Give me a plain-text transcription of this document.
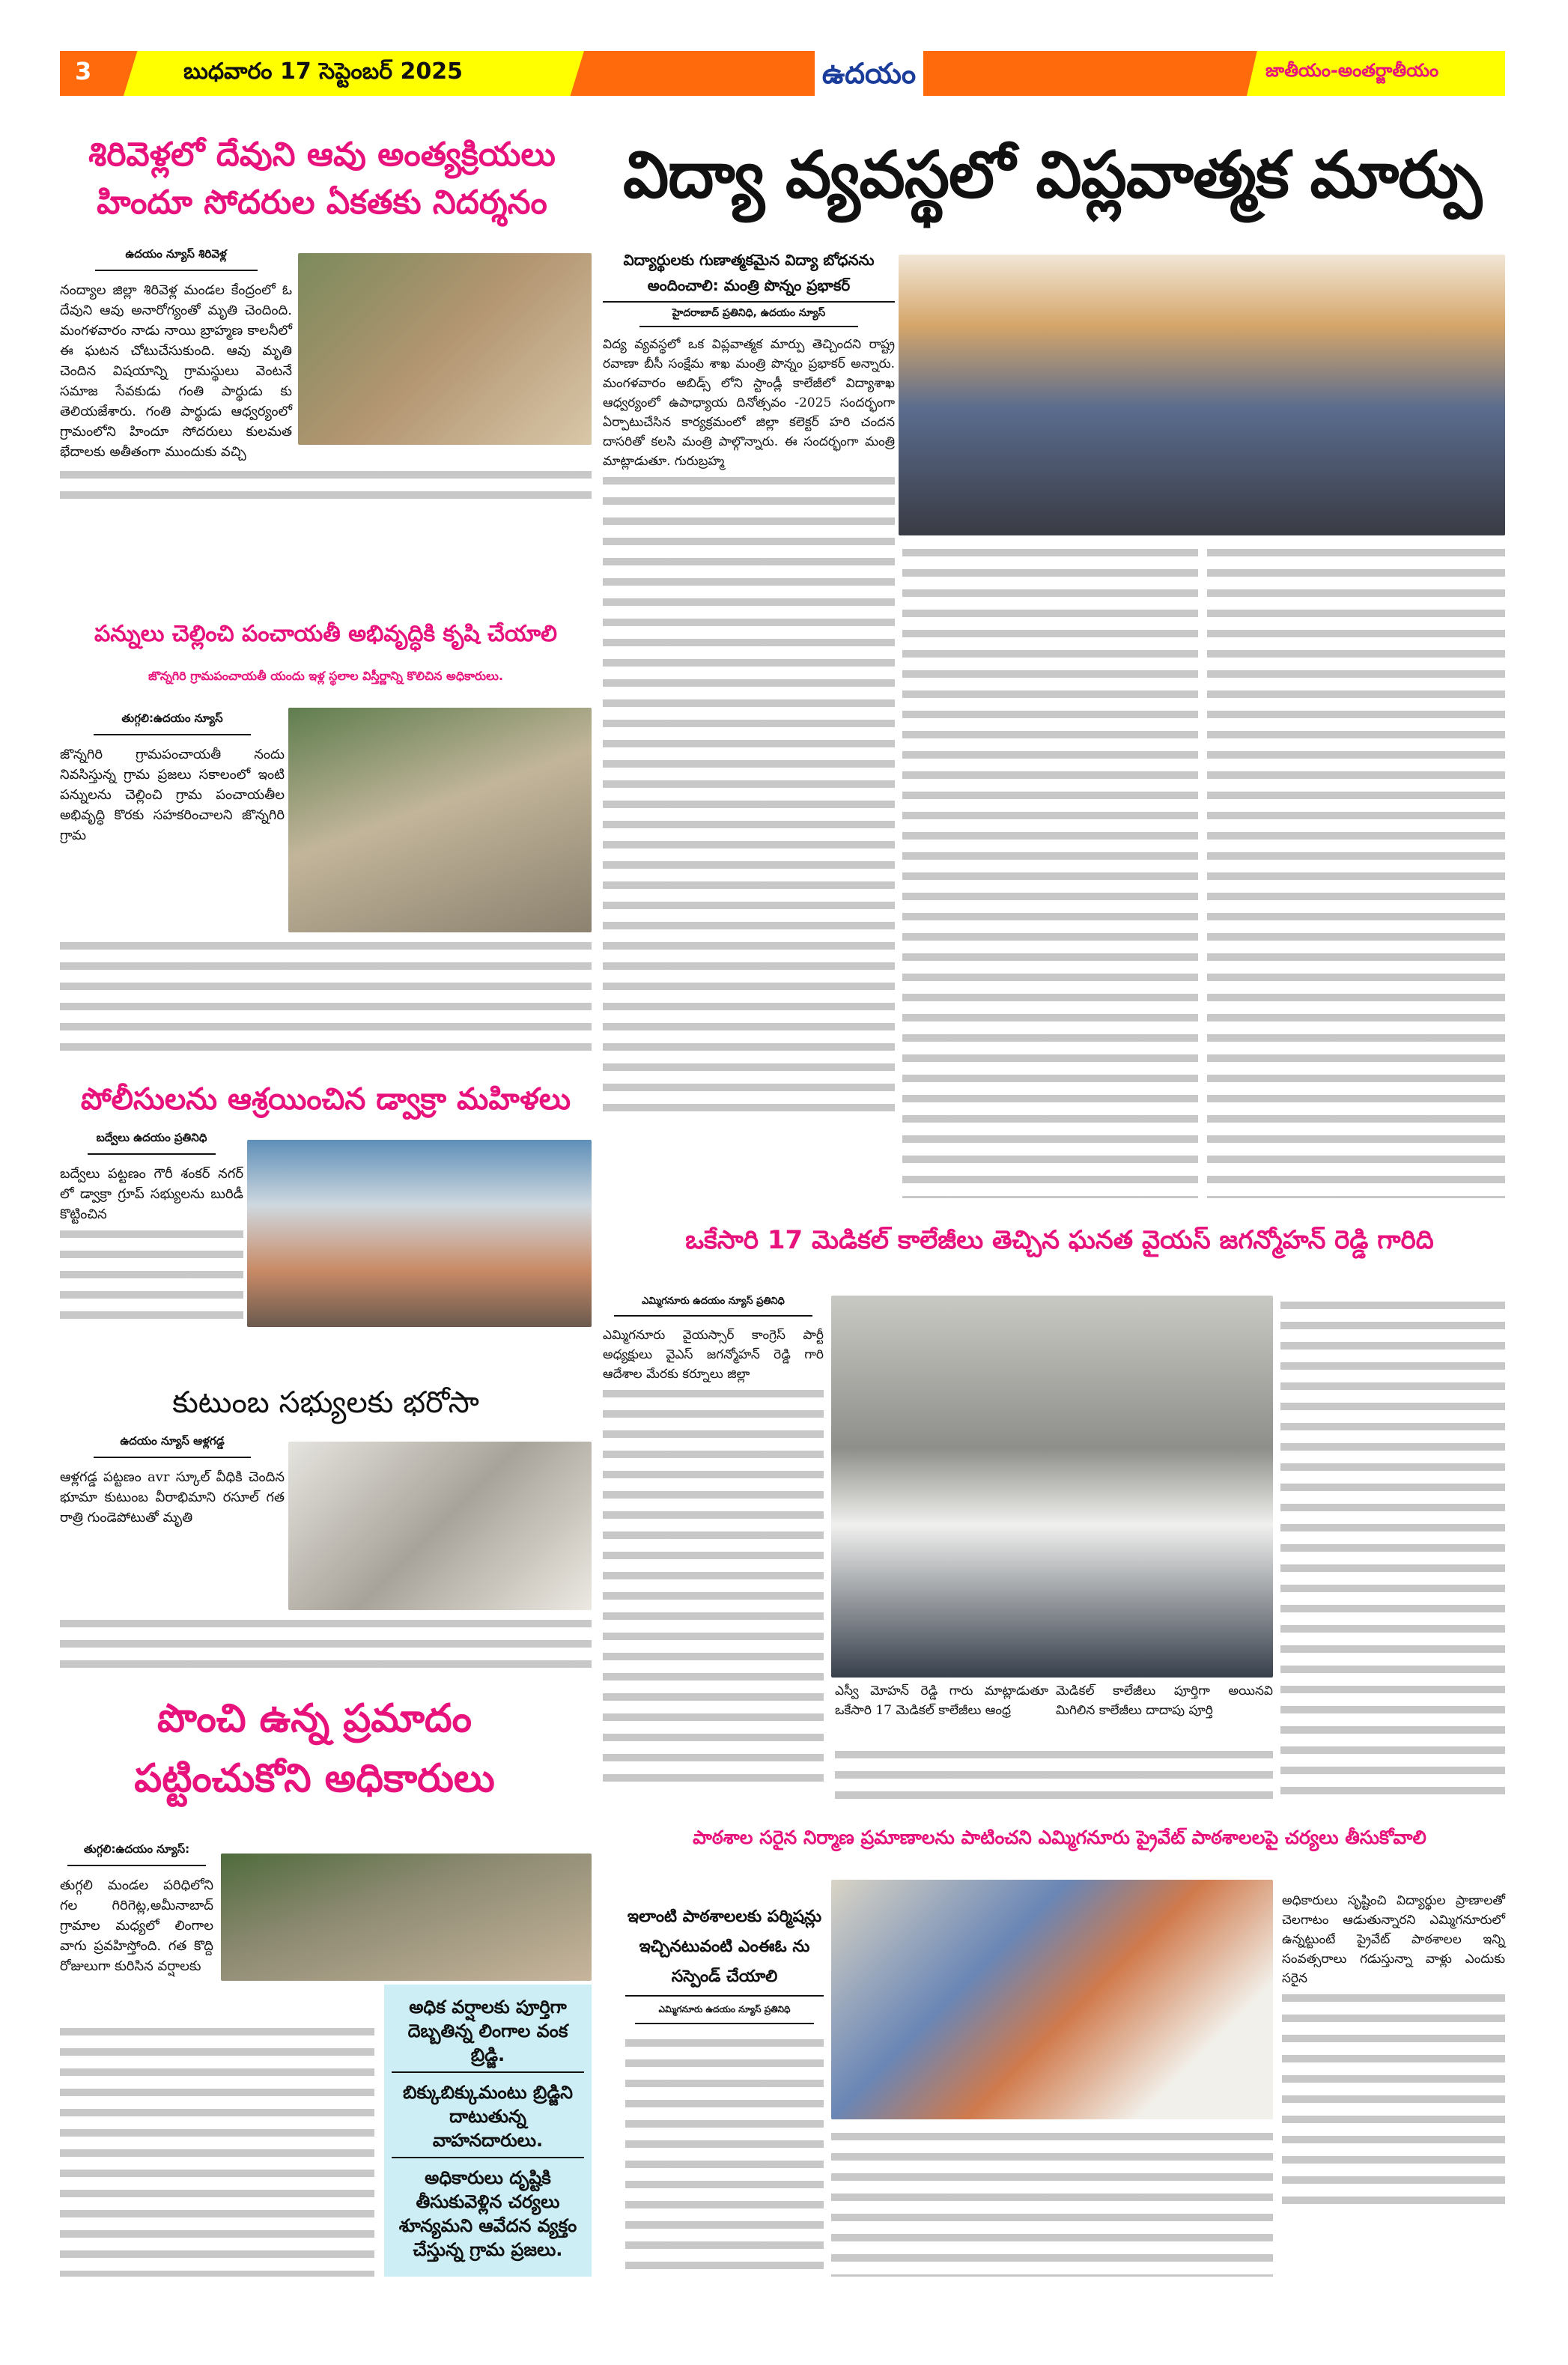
3	బుధవారం 17 సెప్టెంబర్ 2025	ఉదయం	జాతీయం-అంతర్జాతీయం
శిరివెళ్లలో దేవుని ఆవు అంత్యక్రియలు హిందూ సోదరుల ఏకతకు నిదర్శనం
ఉదయం న్యూస్ శిరివెళ్ల
నంద్యాల జిల్లా శిరివెళ్ల మండల కేంద్రంలో ఓ దేవుని ఆవు అనారోగ్యంతో మృతి చెందింది. మంగళవారం నాడు నాయి బ్రాహ్మణ కాలనీలో ఈ ఘటన చోటుచేసుకుంది. ఆవు మృతి చెందిన విషయాన్ని గ్రామస్థులు వెంటనే సమాజ సేవకుడు గంతి పార్థుడు కు తెలియజేశారు. గంతి పార్థుడు ఆధ్వర్యంలో గ్రామంలోని హిందూ సోదరులు కులమత భేదాలకు అతీతంగా ముందుకు వచ్చి
పన్నులు చెల్లించి పంచాయతీ అభివృద్ధికి కృషి చేయాలి
జొన్నగిరి గ్రామపంచాయతీ యందు ఇళ్ల స్థలాల విస్తీర్ణాన్ని కొలిచిన అధికారులు.
తుగ్గలి:ఉదయం న్యూస్
జొన్నగిరి గ్రామపంచాయతీ నందు నివసిస్తున్న గ్రామ ప్రజలు సకాలంలో ఇంటి పన్నులను చెల్లించి గ్రామ పంచాయతీల అభివృద్ధి కొరకు సహకరించాలని జొన్నగిరి గ్రామ
పోలీసులను ఆశ్రయించిన డ్వాక్రా మహిళలు
బద్వేలు ఉదయం ప్రతినిధి
బద్వేలు పట్టణం గౌరీ శంకర్ నగర్ లో డ్వాక్రా గ్రూప్ సభ్యులను బురిడీ కొట్టించిన
కుటుంబ సభ్యులకు భరోసా
ఉదయం న్యూస్ ఆళ్లగడ్డ
ఆళ్లగడ్డ పట్టణం avr స్కూల్ వీధికి చెందిన భూమా కుటుంబ వీరాభిమాని రసూల్ గత రాత్రి గుండెపోటుతో మృతి
పొంచి ఉన్న ప్రమాదం పట్టించుకోని అధికారులు
తుగ్గలి:ఉదయం న్యూస్:
తుగ్గలి మండల పరిధిలోని గల గిరిగెట్ల,అమీనాబాద్ గ్రామాల మధ్యలో లింగాల వాగు ప్రవహిస్తోంది. గత కొద్ది రోజులుగా కురిసిన వర్షాలకు
అధిక వర్షాలకు పూర్తిగా దెబ్బతిన్న లింగాల వంక బ్రిడ్జి.
బిక్కుబిక్కుమంటు బ్రిడ్జిని దాటుతున్న వాహనదారులు.
అధికారులు దృష్టికి తీసుకువెళ్లిన చర్యలు శూన్యమని ఆవేదన వ్యక్తం చేస్తున్న గ్రామ ప్రజలు.
విద్యా వ్యవస్థలో విప్లవాత్మక మార్పు
విద్యార్థులకు గుణాత్మకమైన విద్యా బోధనను అందించాలి: మంత్రి పొన్నం ప్రభాకర్
హైదరాబాద్ ప్రతినిధి, ఉదయం న్యూస్
విద్య వ్యవస్థలో ఒక విప్లవాత్మక మార్పు తెచ్చిందని రాష్ట్ర రవాణా బీసీ సంక్షేమ శాఖ మంత్రి పొన్నం ప్రభాకర్ అన్నారు. మంగళవారం అబిడ్స్ లోని స్టాండ్లీ కాలేజీలో విద్యాశాఖ ఆధ్వర్యంలో ఉపాధ్యాయ దినోత్సవం -2025 సందర్భంగా ఏర్పాటుచేసిన కార్యక్రమంలో జిల్లా కలెక్టర్ హరి చందన దాసరితో కలసి మంత్రి పాల్గొన్నారు. ఈ సందర్భంగా మంత్రి మాట్లాడుతూ. గురుబ్రహ్మ
ఒకేసారి 17 మెడికల్ కాలేజీలు తెచ్చిన ఘనత వైయస్ జగన్మోహన్ రెడ్డి గారిది
ఎమ్మిగనూరు ఉదయం న్యూస్ ప్రతినిధి
ఎమ్మిగనూరు వైయస్సార్ కాంగ్రెస్ పార్టీ అధ్యక్షులు వైఎస్ జగన్మోహన్ రెడ్డి గారి ఆదేశాల మేరకు కర్నూలు జిల్లా
ఎస్వీ మోహన్ రెడ్డి గారు మాట్లాడుతూ ఒకేసారి 17 మెడికల్ కాలేజీలు ఆంధ్ర
మెడికల్ కాలేజీలు పూర్తిగా అయినవి మిగిలిన కాలేజీలు దాదాపు పూర్తి
పాఠశాల సరైన నిర్మాణ ప్రమాణాలను పాటించని ఎమ్మిగనూరు ప్రైవేట్ పాఠశాలలపై చర్యలు తీసుకోవాలి
ఇలాంటి పాఠశాలలకు పర్మిషన్లు ఇచ్చినటువంటి ఎంఈఓ ను సస్పెండ్ చేయాలి
ఎమ్మిగనూరు ఉదయం న్యూస్ ప్రతినిధి
అధికారులు సృష్టించి విద్యార్థుల ప్రాణాలతో చెలగాటం ఆడుతున్నారని ఎమ్మిగనూరులో ఉన్నట్టుంటే ప్రైవేట్ పాఠశాలల ఇన్ని సంవత్సరాలు గడుస్తున్నా వాళ్లు ఎందుకు సరైన
